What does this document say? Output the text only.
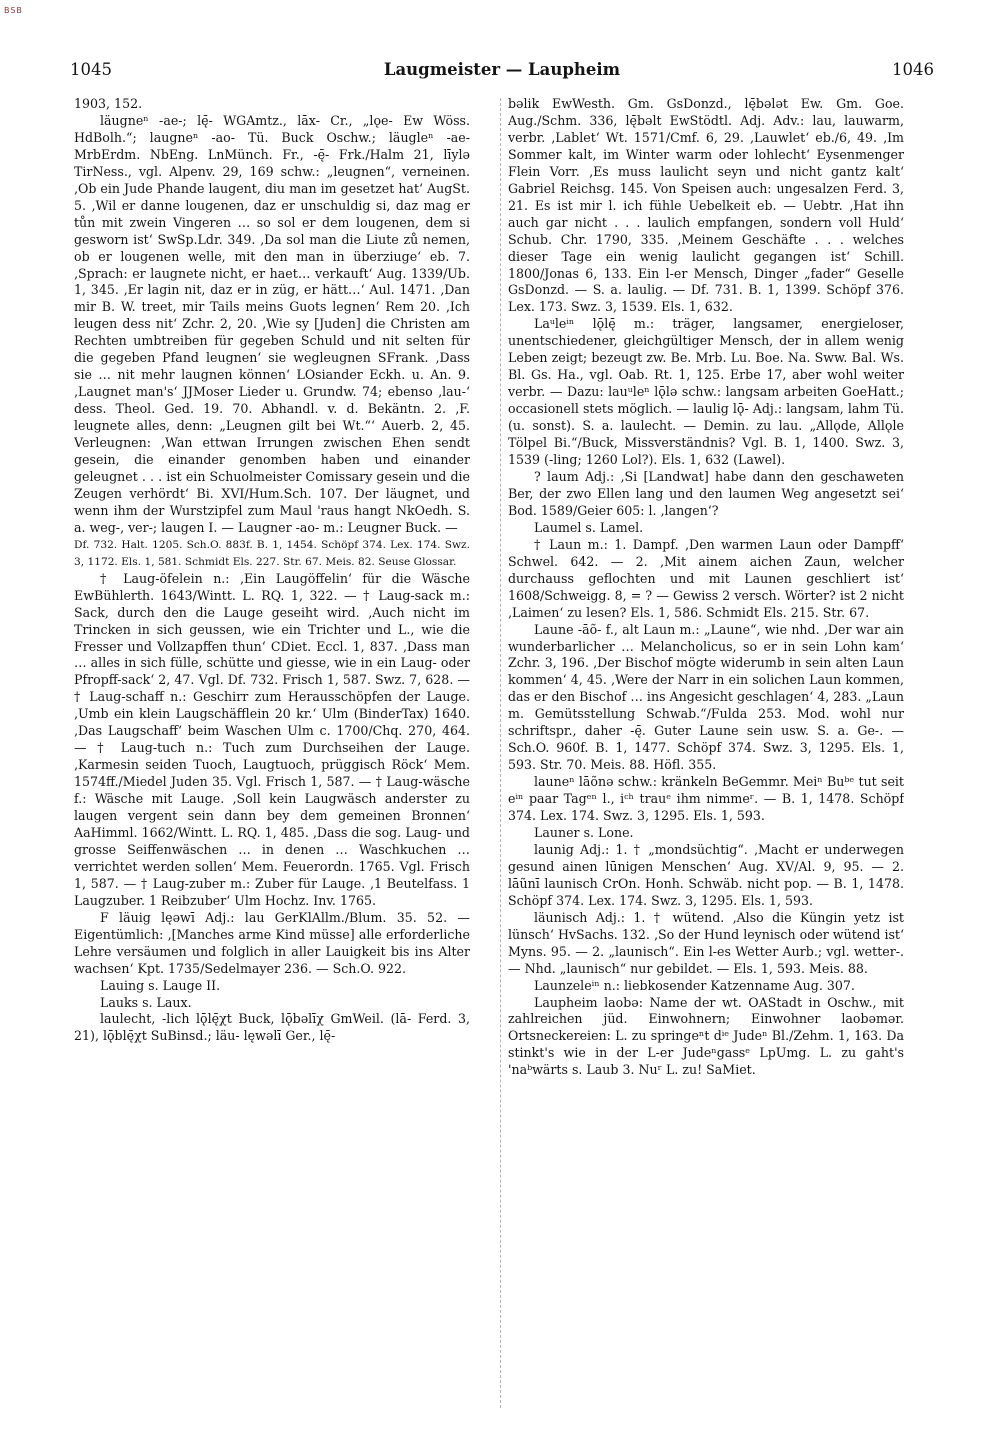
BSB
1045	Laugmeister — Laupheim	1046

1903, 152.

läugneⁿ -ae-; lę̄- WGAmtz., lāx- Cr., „lǫe- Ew Wöss. HdBolh.“; laugneⁿ -ao- Tü. Buck Oschw.; läugleⁿ -ae- MrbErdm. NbEng. LnMünch. Fr., -ę̄- Frk./Halm 21, līylə TirNess., vgl. Alpenv. 29, 169 schw.: „leugnen“, verneinen. ‚Ob ein Jude Phande laugent, diu man im gesetzet hat‘ AugSt. 5. ‚Wil er danne lougenen, daz er unschuldig si, daz mag er tůn mit zwein Vingeren … so sol er dem lougenen, dem si gesworn ist‘ SwSp.Ldr. 349. ‚Da sol man die Liute zů nemen, ob er lougenen welle, mit den man in überziuge‘ eb. 7. ‚Sprach: er laugnete nicht, er haet… verkauft‘ Aug. 1339/Ub. 1, 345. ‚Er lagin nit, daz er in züg, er hätt…‘ Aul. 1471. ‚Dan mir B. W. treet, mir Tails meins Guots legnen‘ Rem 20. ‚Ich leugen dess nit‘ Zchr. 2, 20. ‚Wie sy [Juden] die Christen am Rechten umbtreiben für gegeben Schuld und nit selten für die gegeben Pfand leugnen‘ sie wegleugnen SFrank. ‚Dass sie … nit mehr laugnen können‘ LOsiander Eckh. u. An. 9. ‚Laugnet man's‘ JJMoser Lieder u. Grundw. 74; ebenso ‚lau-‘ dess. Theol. Ged. 19. 70. Abhandl. v. d. Bekäntn. 2. ‚F. leugnete alles, denn: „Leugnen gilt bei Wt.“‘ Auerb. 2, 45. Verleugnen: ‚Wan ettwan Irrungen zwischen Ehen sendt gesein, die einander genomben haben und einander geleugnet . . . ist ein Schuolmeister Comissary gesein und die Zeugen verhördt‘ Bi. XVI/Hum.Sch. 107. Der läugnet, und wenn ihm der Wurstzipfel zum Maul 'raus hangt NkOedh. S. a. weg-, ver-; laugen I. — Laugner -ao- m.: Leugner Buck. —

Df. 732. Halt. 1205. Sch.O. 883f. B. 1, 1454. Schöpf 374. Lex. 174. Swz. 3, 1172. Els. 1, 581. Schmidt Els. 227. Str. 67. Meis. 82. Seuse Glossar.

† Laug-öfelein n.: ‚Ein Laugöffelin‘ für die Wäsche EwBühlerth. 1643/Wintt. L. RQ. 1, 322. — † Laug-sack m.: Sack, durch den die Lauge geseiht wird. ‚Auch nicht im Trincken in sich geussen, wie ein Trichter und L., wie die Fresser und Vollzapffen thun‘ CDiet. Eccl. 1, 837. ‚Dass man … alles in sich fülle, schütte und giesse, wie in ein Laug- oder Pfropff-sack‘ 2, 47. Vgl. Df. 732. Frisch 1, 587. Swz. 7, 628. — † Laug-schaff n.: Geschirr zum Herausschöpfen der Lauge. ‚Umb ein klein Laugschäfflein 20 kr.‘ Ulm (BinderTax) 1640. ‚Das Laugschaff‘ beim Waschen Ulm c. 1700/Chq. 270, 464. — † Laug-tuch n.: Tuch zum Durchseihen der Lauge. ‚Karmesin seiden Tuoch, Laugtuoch, prüggisch Röck‘ Mem. 1574ff./Miedel Juden 35. Vgl. Frisch 1, 587. — † Laug-wäsche f.: Wäsche mit Lauge. ‚Soll kein Laugwäsch anderster zu laugen vergent sein dann bey dem gemeinen Bronnen‘ AaHimml. 1662/Wintt. L. RQ. 1, 485. ‚Dass die sog. Laug- und grosse Seiffenwäschen … in denen … Waschkuchen … verrichtet werden sollen‘ Mem. Feuerordn. 1765. Vgl. Frisch 1, 587. — † Laug-zuber m.: Zuber für Lauge. ‚1 Beutelfass. 1 Laugzuber. 1 Reibzuber‘ Ulm Hochz. Inv. 1765.

F läuig lęəwī Adj.: lau GerKlAllm./Blum. 35. 52. — Eigentümlich: ‚[Manches arme Kind müsse] alle erforderliche Lehre versäumen und folglich in aller Lauigkeit bis ins Alter wachsen‘ Kpt. 1735/Sedelmayer 236. — Sch.O. 922.

Lauing s. Lauge II.

Lauks s. Laux.

laulecht, -lich lǭlę̄χt Buck, lǭbəlīχ GmWeil. (lā- Ferd. 3, 21), lǭblę̄χt SuBinsd.; läu- lęwəlī Ger., lę̄-

bəlik EwWesth. Gm. GsDonzd., lę̄bəlǝt Ew. Gm. Goe. Aug./Schm. 336, lę̄bəlt EwStödtl. Adj. Adv.: lau, lauwarm, verbr. ‚Lablet‘ Wt. 1571/Cmf. 6, 29. ‚Lauwlet‘ eb./6, 49. ‚Im Sommer kalt, im Winter warm oder lohlecht‘ Eysenmenger Flein Vorr. ‚Es muss laulicht seyn und nicht gantz kalt‘ Gabriel Reichsg. 145. Von Speisen auch: ungesalzen Ferd. 3, 21. Es ist mir l. ich fühle Uebelkeit eb. — Uebtr. ‚Hat ihn auch gar nicht . . . laulich empfangen, sondern voll Huld‘ Schub. Chr. 1790, 335. ‚Meinem Geschäfte . . . welches dieser Tage ein wenig laulicht gegangen ist‘ Schill. 1800/Jonas 6, 133. Ein l-er Mensch, Dinger „fader“ Geselle GsDonzd. — S. a. laulig. — Df. 731. B. 1, 1399. Schöpf 376. Lex. 173. Swz. 3, 1539. Els. 1, 632.

Laᵘleⁱⁿ lǭlę̄ m.: träger, langsamer, energieloser, unentschiedener, gleichgültiger Mensch, der in allem wenig Leben zeigt; bezeugt zw. Be. Mrb. Lu. Boe. Na. Sww. Bal. Ws. Bl. Gs. Ha., vgl. Oab. Rt. 1, 125. Erbe 17, aber wohl weiter verbr. — Dazu: lauᵘleⁿ lǭlə schw.: langsam arbeiten GoeHatt.; occasionell stets möglich. — laulig lǭ- Adj.: langsam, lahm Tü. (u. sonst). S. a. laulecht. — Demin. zu lau. „Allǫde, Allǫle Tölpel Bi.“/Buck, Missverständnis? Vgl. B. 1, 1400. Swz. 3, 1539 (-ling; 1260 Lol?). Els. 1, 632 (Lawel).

? laum Adj.: ‚Si [Landwat] habe dann den geschaweten Ber, der zwo Ellen lang und den laumen Weg angesetzt sei‘ Bod. 1589/Geier 605: l. ‚langen‘?

Laumel s. Lamel.

† Laun m.: 1. Dampf. ‚Den warmen Laun oder Dampff‘ Schwel. 642. — 2. ‚Mit ainem aichen Zaun, welcher durchauss geflochten und mit Launen geschliert ist‘ 1608/Schweigg. 8, = ? — Gewiss 2 versch. Wörter? ist 2 nicht ‚Laimen‘ zu lesen? Els. 1, 586. Schmidt Els. 215. Str. 67.

Laune -āõ- f., alt Laun m.: „Laune“, wie nhd. ‚Der war ain wunderbarlicher … Melancholicus, so er in sein Lohn kam‘ Zchr. 3, 196. ‚Der Bischof mögte widerumb in sein alten Laun kommen‘ 4, 45. ‚Were der Narr in ein solichen Laun kommen, das er den Bischof … ins Angesicht geschlagen‘ 4, 283. „Laun m. Gemütsstellung Schwab.“/Fulda 253. Mod. wohl nur schriftspr., daher -ę̄. Guter Laune sein usw. S. a. Ge-. — Sch.O. 960f. B. 1, 1477. Schöpf 374. Swz. 3, 1295. Els. 1, 593. Str. 70. Meis. 88. Höfl. 355.

launeⁿ lāõnə schw.: kränkeln BeGemmr. Meiⁿ Buᵇᵉ tut seit eⁱⁿ paar Tagᵉⁿ l., iᶜʰ trauᵉ ihm nimmeʳ. — B. 1, 1478. Schöpf 374. Lex. 174. Swz. 3, 1295. Els. 1, 593.

Launer s. Lone.

launig Adj.: 1. † „mondsüchtig“. ‚Macht er underwegen gesund ainen lūnigen Menschen‘ Aug. XV/Al. 9, 95. — 2. lāũnī launisch CrOn. Honh. Schwäb. nicht pop. — B. 1, 1478. Schöpf 374. Lex. 174. Swz. 3, 1295. Els. 1, 593.

läunisch Adj.: 1. † wütend. ‚Also die Küngin yetz ist lünsch‘ HvSachs. 132. ‚So der Hund leynisch oder wütend ist‘ Myns. 95. — 2. „launisch“. Ein l-es Wetter Aurb.; vgl. wetter-. — Nhd. „launisch“ nur gebildet. — Els. 1, 593. Meis. 88.

Launzeleⁱⁿ n.: liebkosender Katzenname Aug. 307.

Laupheim laobə: Name der wt. OAStadt in Oschw., mit zahlreichen jüd. Einwohnern; Einwohner laobəmər. Ortsneckereien: L. zu springeⁿt dⁱᵉ Judeⁿ Bl./Zehm. 1, 163. Da stinkt's wie in der L-er Judeⁿgassᵉ LpUmg. L. zu gaht's 'naᵇwärts s. Laub 3. Nuʳ L. zu! SaMiet.
